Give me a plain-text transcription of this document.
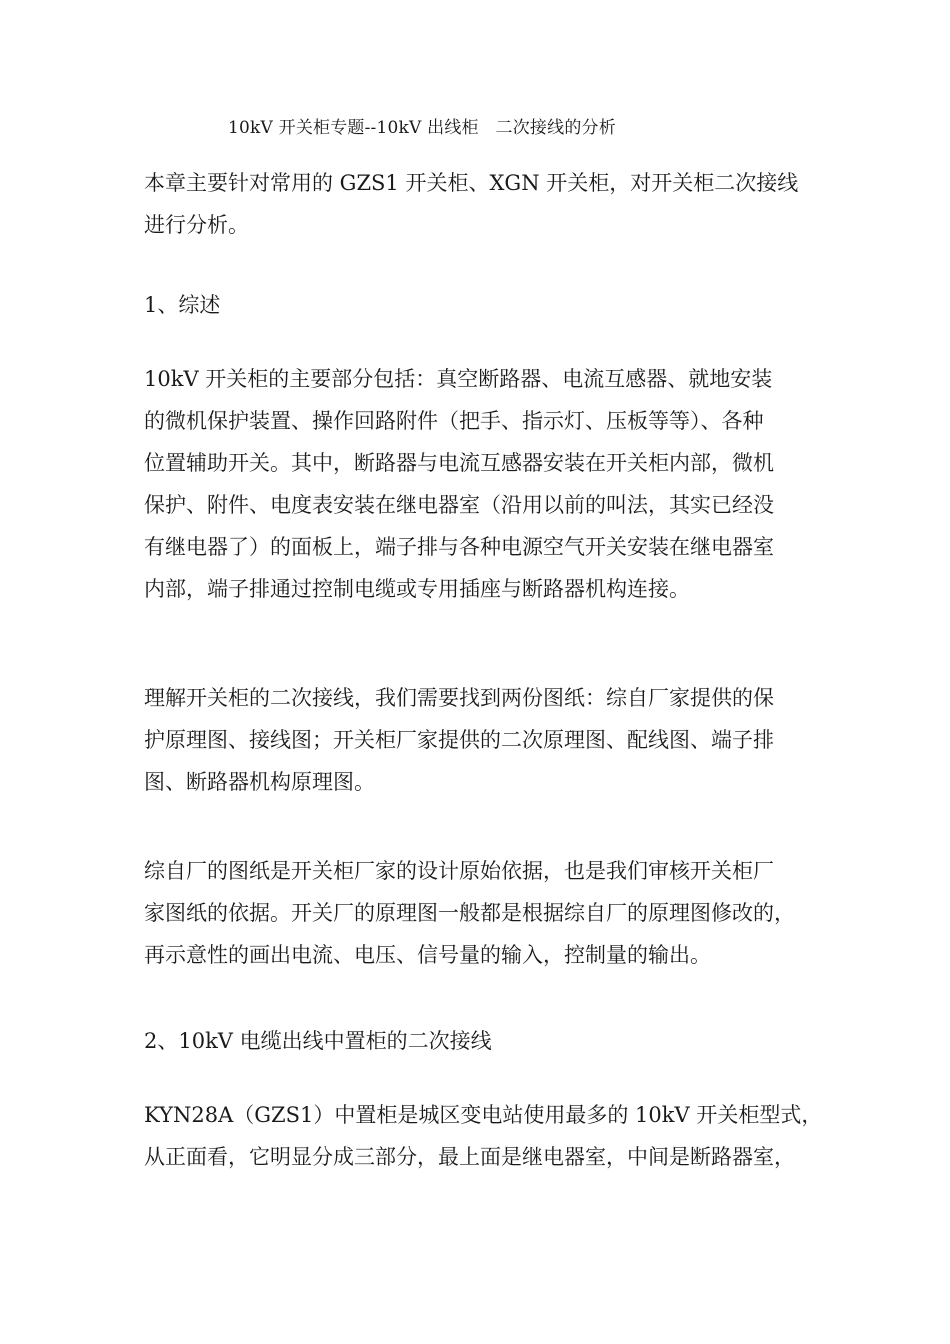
10kV 开关柜专题--10kV 出线柜   二次接线的分析
本章主要针对常用的 GZS1 开关柜、XGN 开关柜，对开关柜二次接线
进行分析。
1、综述
10kV 开关柜的主要部分包括：真空断路器、电流互感器、就地安装
的微机保护装置、操作回路附件（把手、指示灯、压板等等）、各种
位置辅助开关。其中，断路器与电流互感器安装在开关柜内部，微机
保护、附件、电度表安装在继电器室（沿用以前的叫法，其实已经没
有继电器了）的面板上，端子排与各种电源空气开关安装在继电器室
内部，端子排通过控制电缆或专用插座与断路器机构连接。
理解开关柜的二次接线，我们需要找到两份图纸：综自厂家提供的保
护原理图、接线图；开关柜厂家提供的二次原理图、配线图、端子排
图、断路器机构原理图。
综自厂的图纸是开关柜厂家的设计原始依据，也是我们审核开关柜厂
家图纸的依据。开关厂的原理图一般都是根据综自厂的原理图修改的，
再示意性的画出电流、电压、信号量的输入，控制量的输出。
2、10kV 电缆出线中置柜的二次接线
KYN28A（GZS1）中置柜是城区变电站使用最多的 10kV 开关柜型式，
从正面看，它明显分成三部分，最上面是继电器室，中间是断路器室，
